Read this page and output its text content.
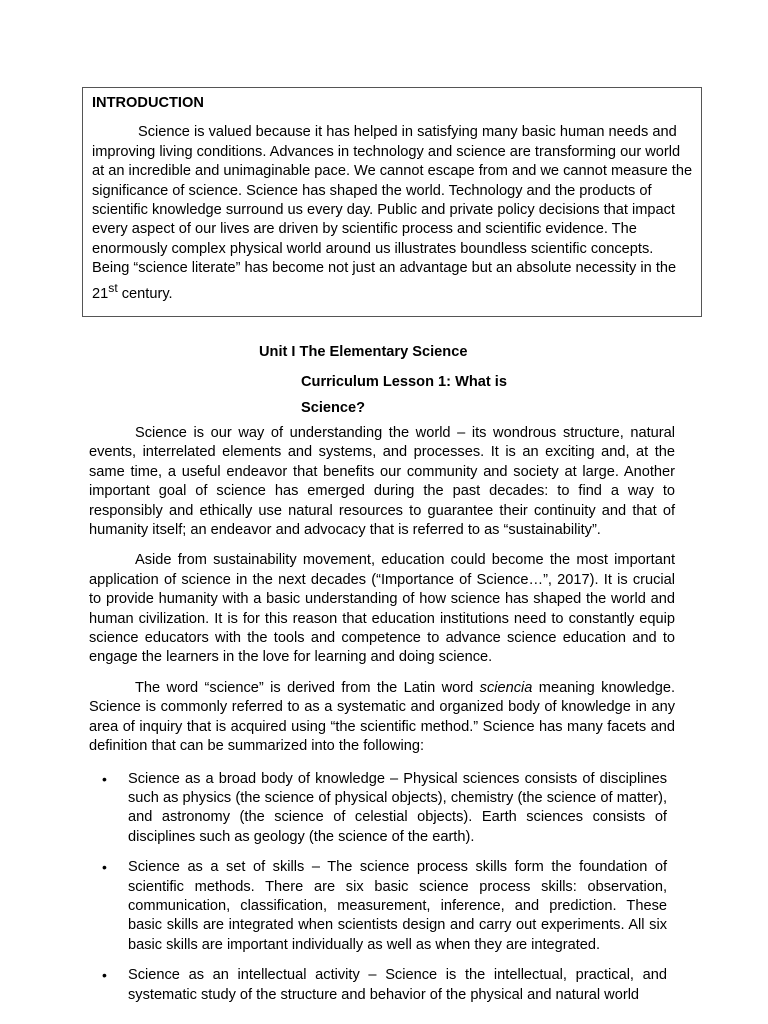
INTRODUCTION

Science is valued because it has helped in satisfying many basic human needs and improving living conditions. Advances in technology and science are transforming our world at an incredible and unimaginable pace. We cannot escape from and we cannot measure the significance of science. Science has shaped the world. Technology and the products of scientific knowledge surround us every day. Public and private policy decisions that impact every aspect of our lives are driven by scientific process and scientific evidence. The enormously complex physical world around us illustrates boundless scientific concepts. Being “science literate” has become not just an advantage but an absolute necessity in the 21st century.

Unit I The Elementary Science

Curriculum Lesson 1: What is
Science?

Science is our way of understanding the world – its wondrous structure, natural events, interrelated elements and systems, and processes. It is an exciting and, at the same time, a useful endeavor that benefits our community and society at large. Another important goal of science has emerged during the past decades: to find a way to responsibly and ethically use natural resources to guarantee their continuity and that of humanity itself; an endeavor and advocacy that is referred to as “sustainability”.

Aside from sustainability movement, education could become the most important application of science in the next decades (“Importance of Science…”, 2017). It is crucial to provide humanity with a basic understanding of how science has shaped the world and human civilization. It is for this reason that education institutions need to constantly equip science educators with the tools and competence to advance science education and to engage the learners in the love for learning and doing science.

The word “science” is derived from the Latin word sciencia meaning knowledge. Science is commonly referred to as a systematic and organized body of knowledge in any area of inquiry that is acquired using “the scientific method.” Science has many facets and definition that can be summarized into the following:

• Science as a broad body of knowledge – Physical sciences consists of disciplines such as physics (the science of physical objects), chemistry (the science of matter), and astronomy (the science of celestial objects). Earth sciences consists of disciplines such as geology (the science of the earth).
• Science as a set of skills – The science process skills form the foundation of scientific methods. There are six basic science process skills: observation, communication, classification, measurement, inference, and prediction. These basic skills are integrated when scientists design and carry out experiments. All six basic skills are important individually as well as when they are integrated.
• Science as an intellectual activity – Science is the intellectual, practical, and systematic study of the structure and behavior of the physical and natural world
